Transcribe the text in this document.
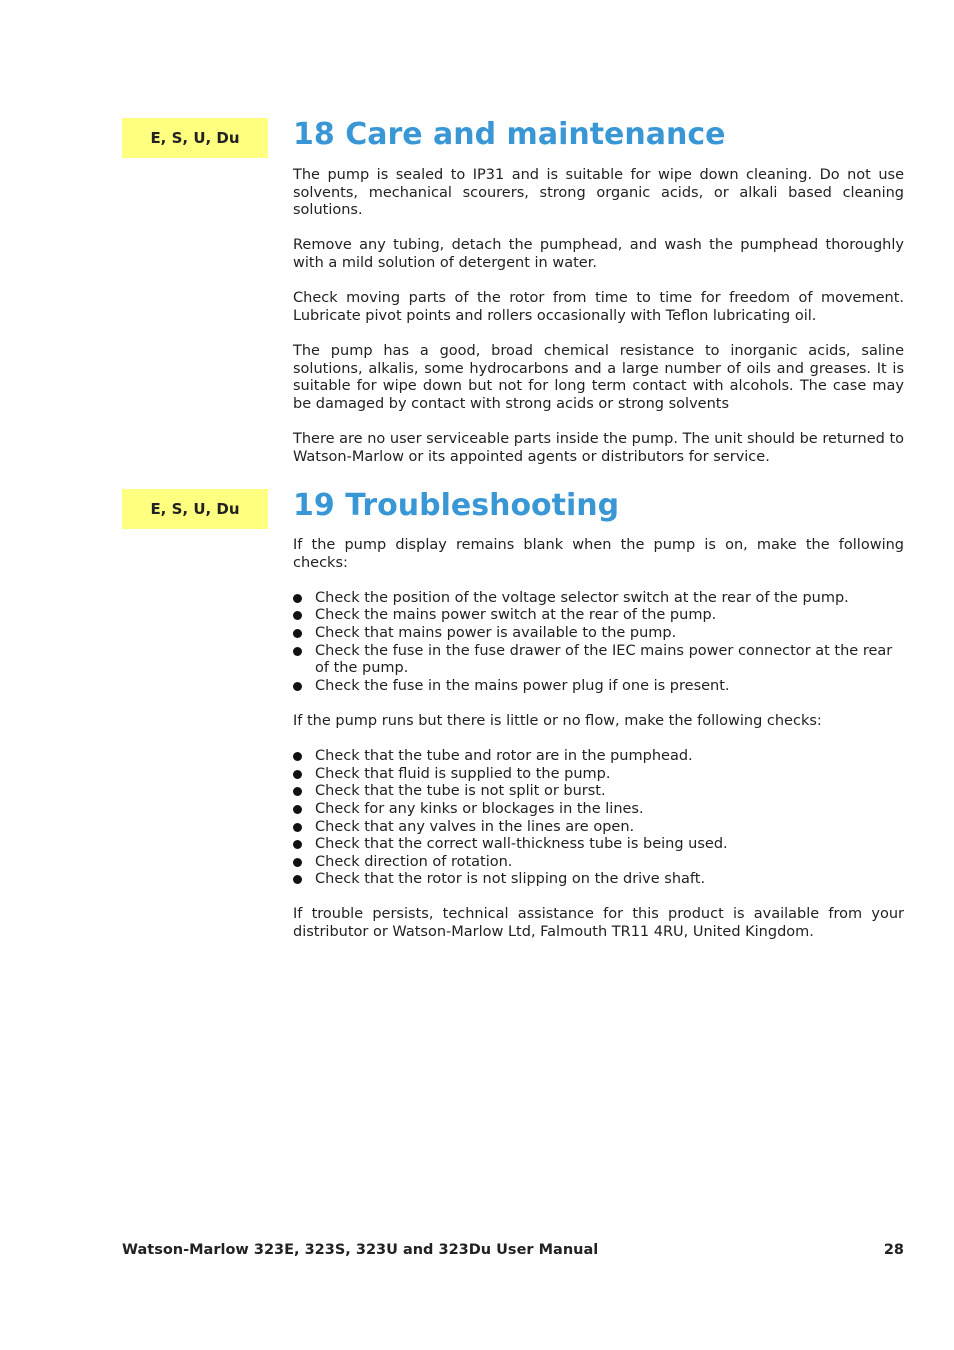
E, S, U, Du	18 Care and maintenance

The pump is sealed to IP31 and is suitable for wipe down cleaning. Do not use solvents, mechanical scourers, strong organic acids, or alkali based cleaning solutions.

Remove any tubing, detach the pumphead, and wash the pumphead thoroughly with a mild solution of detergent in water.

Check moving parts of the rotor from time to time for freedom of movement. Lubricate pivot points and rollers occasionally with Teflon lubricating oil.

The pump has a good, broad chemical resistance to inorganic acids, saline solutions, alkalis, some hydrocarbons and a large number of oils and greases. It is suitable for wipe down but not for long term contact with alcohols. The case may be damaged by contact with strong acids or strong solvents

There are no user serviceable parts inside the pump. The unit should be returned to Watson-Marlow or its appointed agents or distributors for service.

E, S, U, Du	19 Troubleshooting

If the pump display remains blank when the pump is on, make the following checks:

Check the position of the voltage selector switch at the rear of the pump.
Check the mains power switch at the rear of the pump.
Check that mains power is available to the pump.
Check the fuse in the fuse drawer of the IEC mains power connector at the rear of the pump.
Check the fuse in the mains power plug if one is present.

If the pump runs but there is little or no flow, make the following checks:

Check that the tube and rotor are in the pumphead.
Check that fluid is supplied to the pump.
Check that the tube is not split or burst.
Check for any kinks or blockages in the lines.
Check that any valves in the lines are open.
Check that the correct wall-thickness tube is being used.
Check direction of rotation.
Check that the rotor is not slipping on the drive shaft.

If trouble persists, technical assistance for this product is available from your distributor or Watson-Marlow Ltd, Falmouth TR11 4RU, United Kingdom.

Watson-Marlow 323E, 323S, 323U and 323Du User Manual	28
